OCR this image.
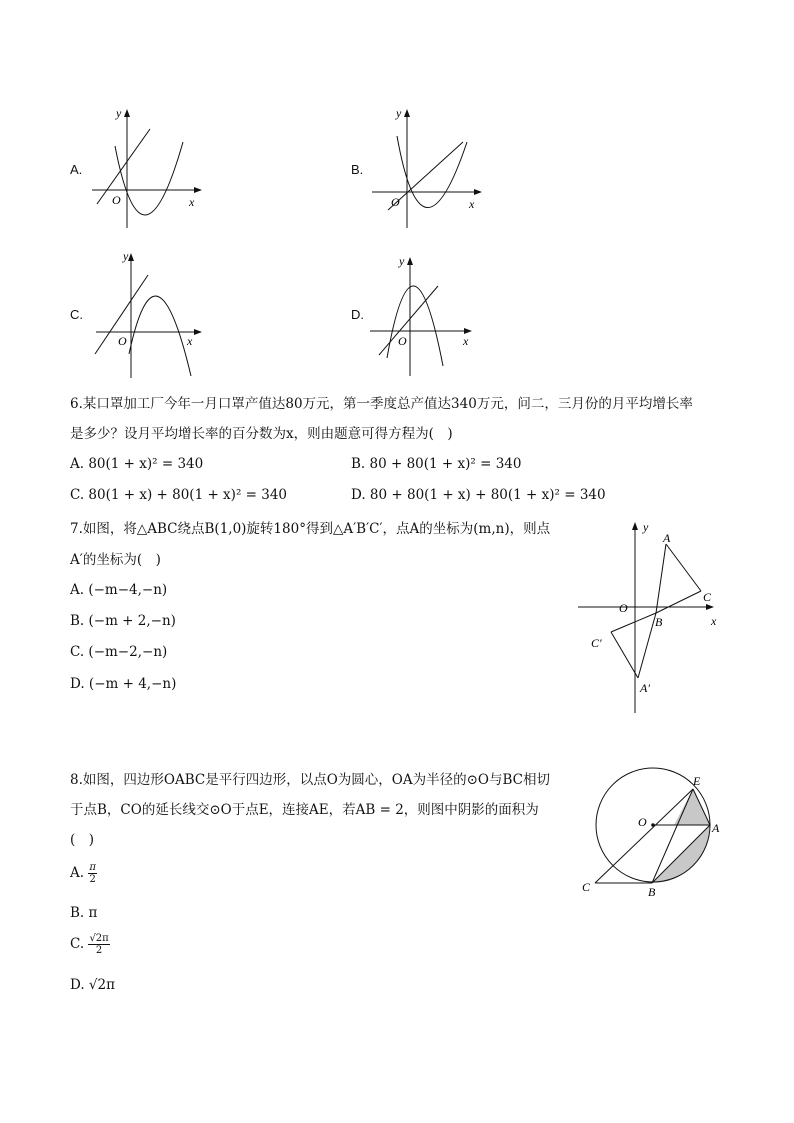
A.
y
x
O
B.
y
x
O
C.
y
x
O
D.
y
x
O
6.某口罩加工厂今年一月口罩产值达80万元，第一季度总产值达340万元，问二，三月份的月平均增长率
是多少？设月平均增长率的百分数为x，则由题意可得方程为(　)
A. 80(1 + x)² = 340	B. 80 + 80(1 + x)² = 340
C. 80(1 + x) + 80(1 + x)² = 340	D. 80 + 80(1 + x) + 80(1 + x)² = 340
7.如图，将△ABC绕点B(1,0)旋转180°得到△A′B′C′，点A的坐标为(m,n)，则点
A′的坐标为(　)
A. (−m−4,−n)
B. (−m + 2,−n)
C. (−m−2,−n)
D. (−m + 4,−n)
y
x
O
A
C
B
C′
A′
8.如图，四边形OABC是平行四边形，以点O为圆心，OA为半径的⊙O与BC相切
于点B，CO的延长线交⊙O于点E，连接AE，若AB = 2，则图中阴影的面积为
(　)
A. $\frac{\pi}{2}$
B. π
C. $\frac{√2\pi}{2}$
D. √2π
E
O	A
B
C
